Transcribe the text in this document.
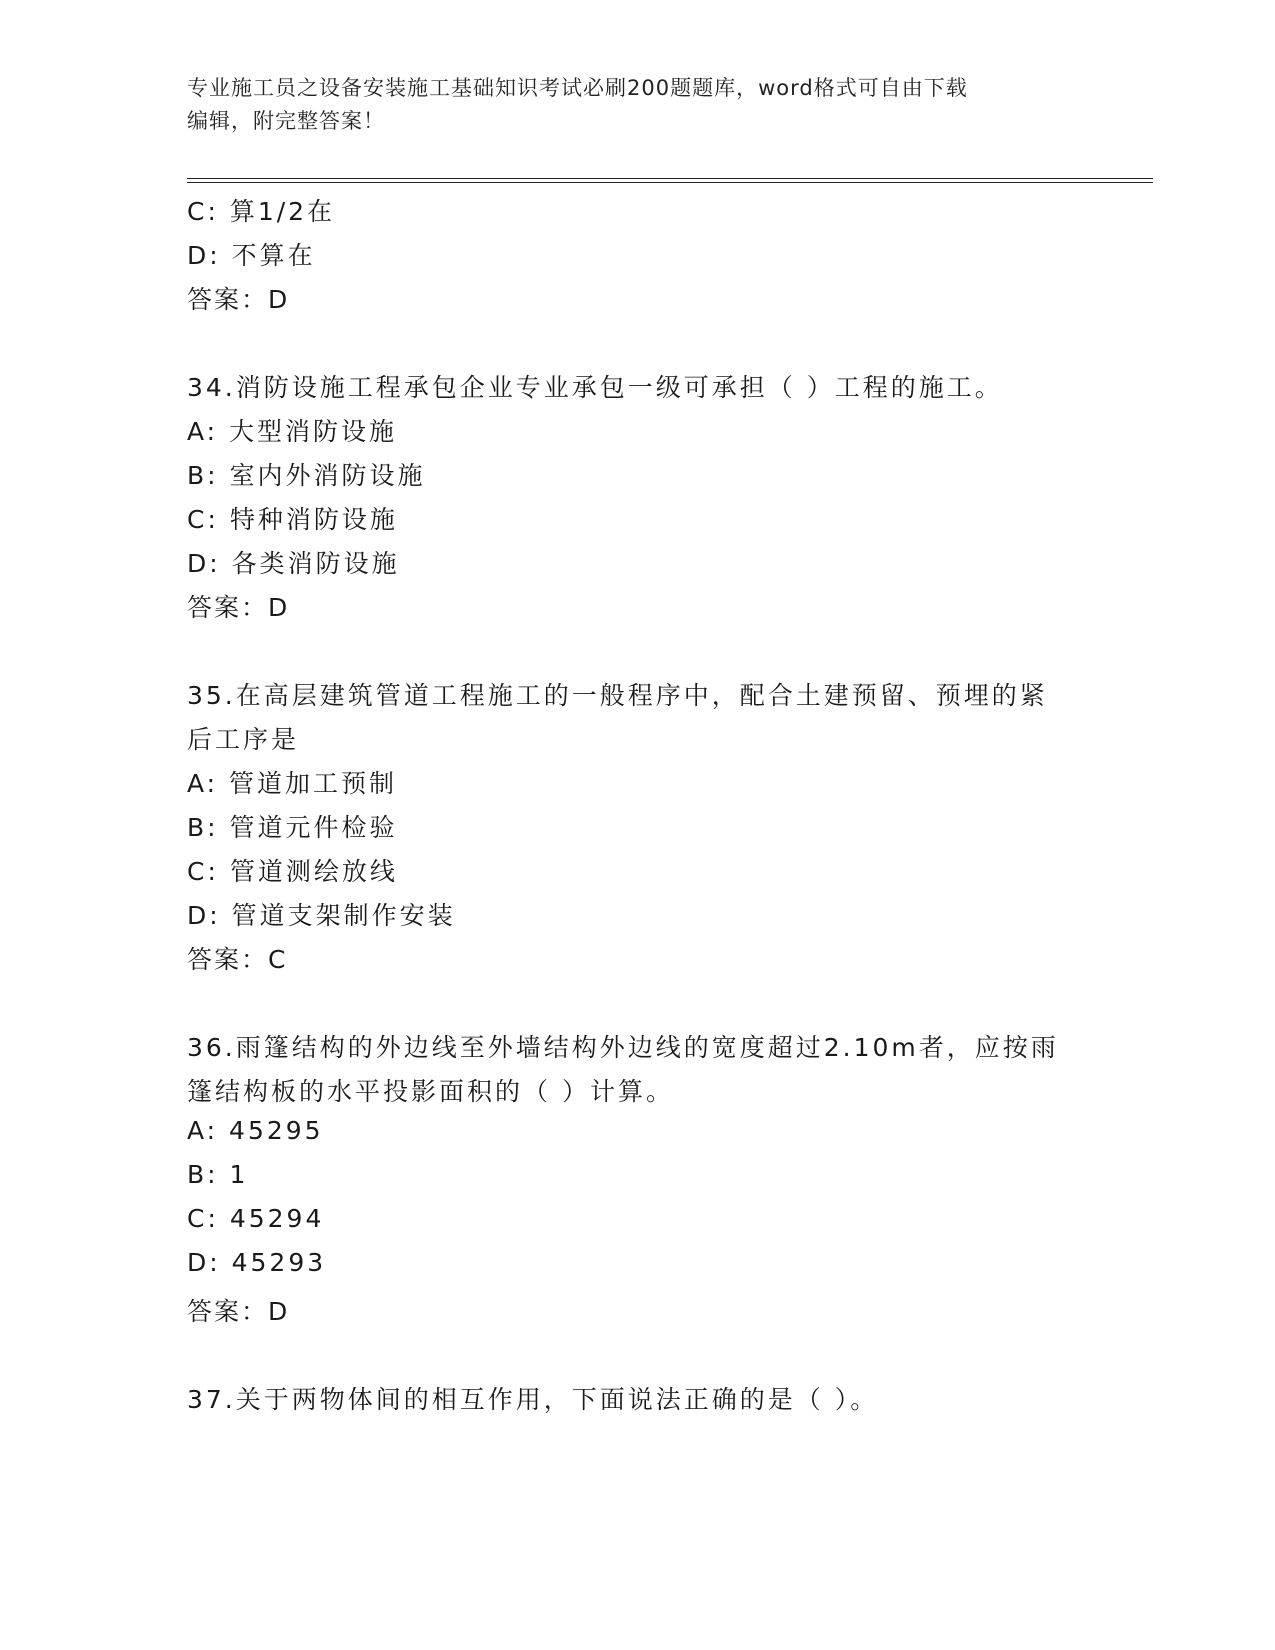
专业施工员之设备安装施工基础知识考试必刷200题题库，word格式可自由下载
编辑，附完整答案！
C: 算1/2在
D: 不算在
答案：D
34.消防设施工程承包企业专业承包一级可承担（ ）工程的施工。
A: 大型消防设施
B: 室内外消防设施
C: 特种消防设施
D: 各类消防设施
答案：D
35.在高层建筑管道工程施工的一般程序中，配合土建预留、预埋的紧
后工序是
A: 管道加工预制
B: 管道元件检验
C: 管道测绘放线
D: 管道支架制作安装
答案：C
36.雨篷结构的外边线至外墙结构外边线的宽度超过2.10m者，应按雨
篷结构板的水平投影面积的（ ）计算。
A: 45295
B: 1
C: 45294
D: 45293
答案：D
37.关于两物体间的相互作用，下面说法正确的是（ ）。
